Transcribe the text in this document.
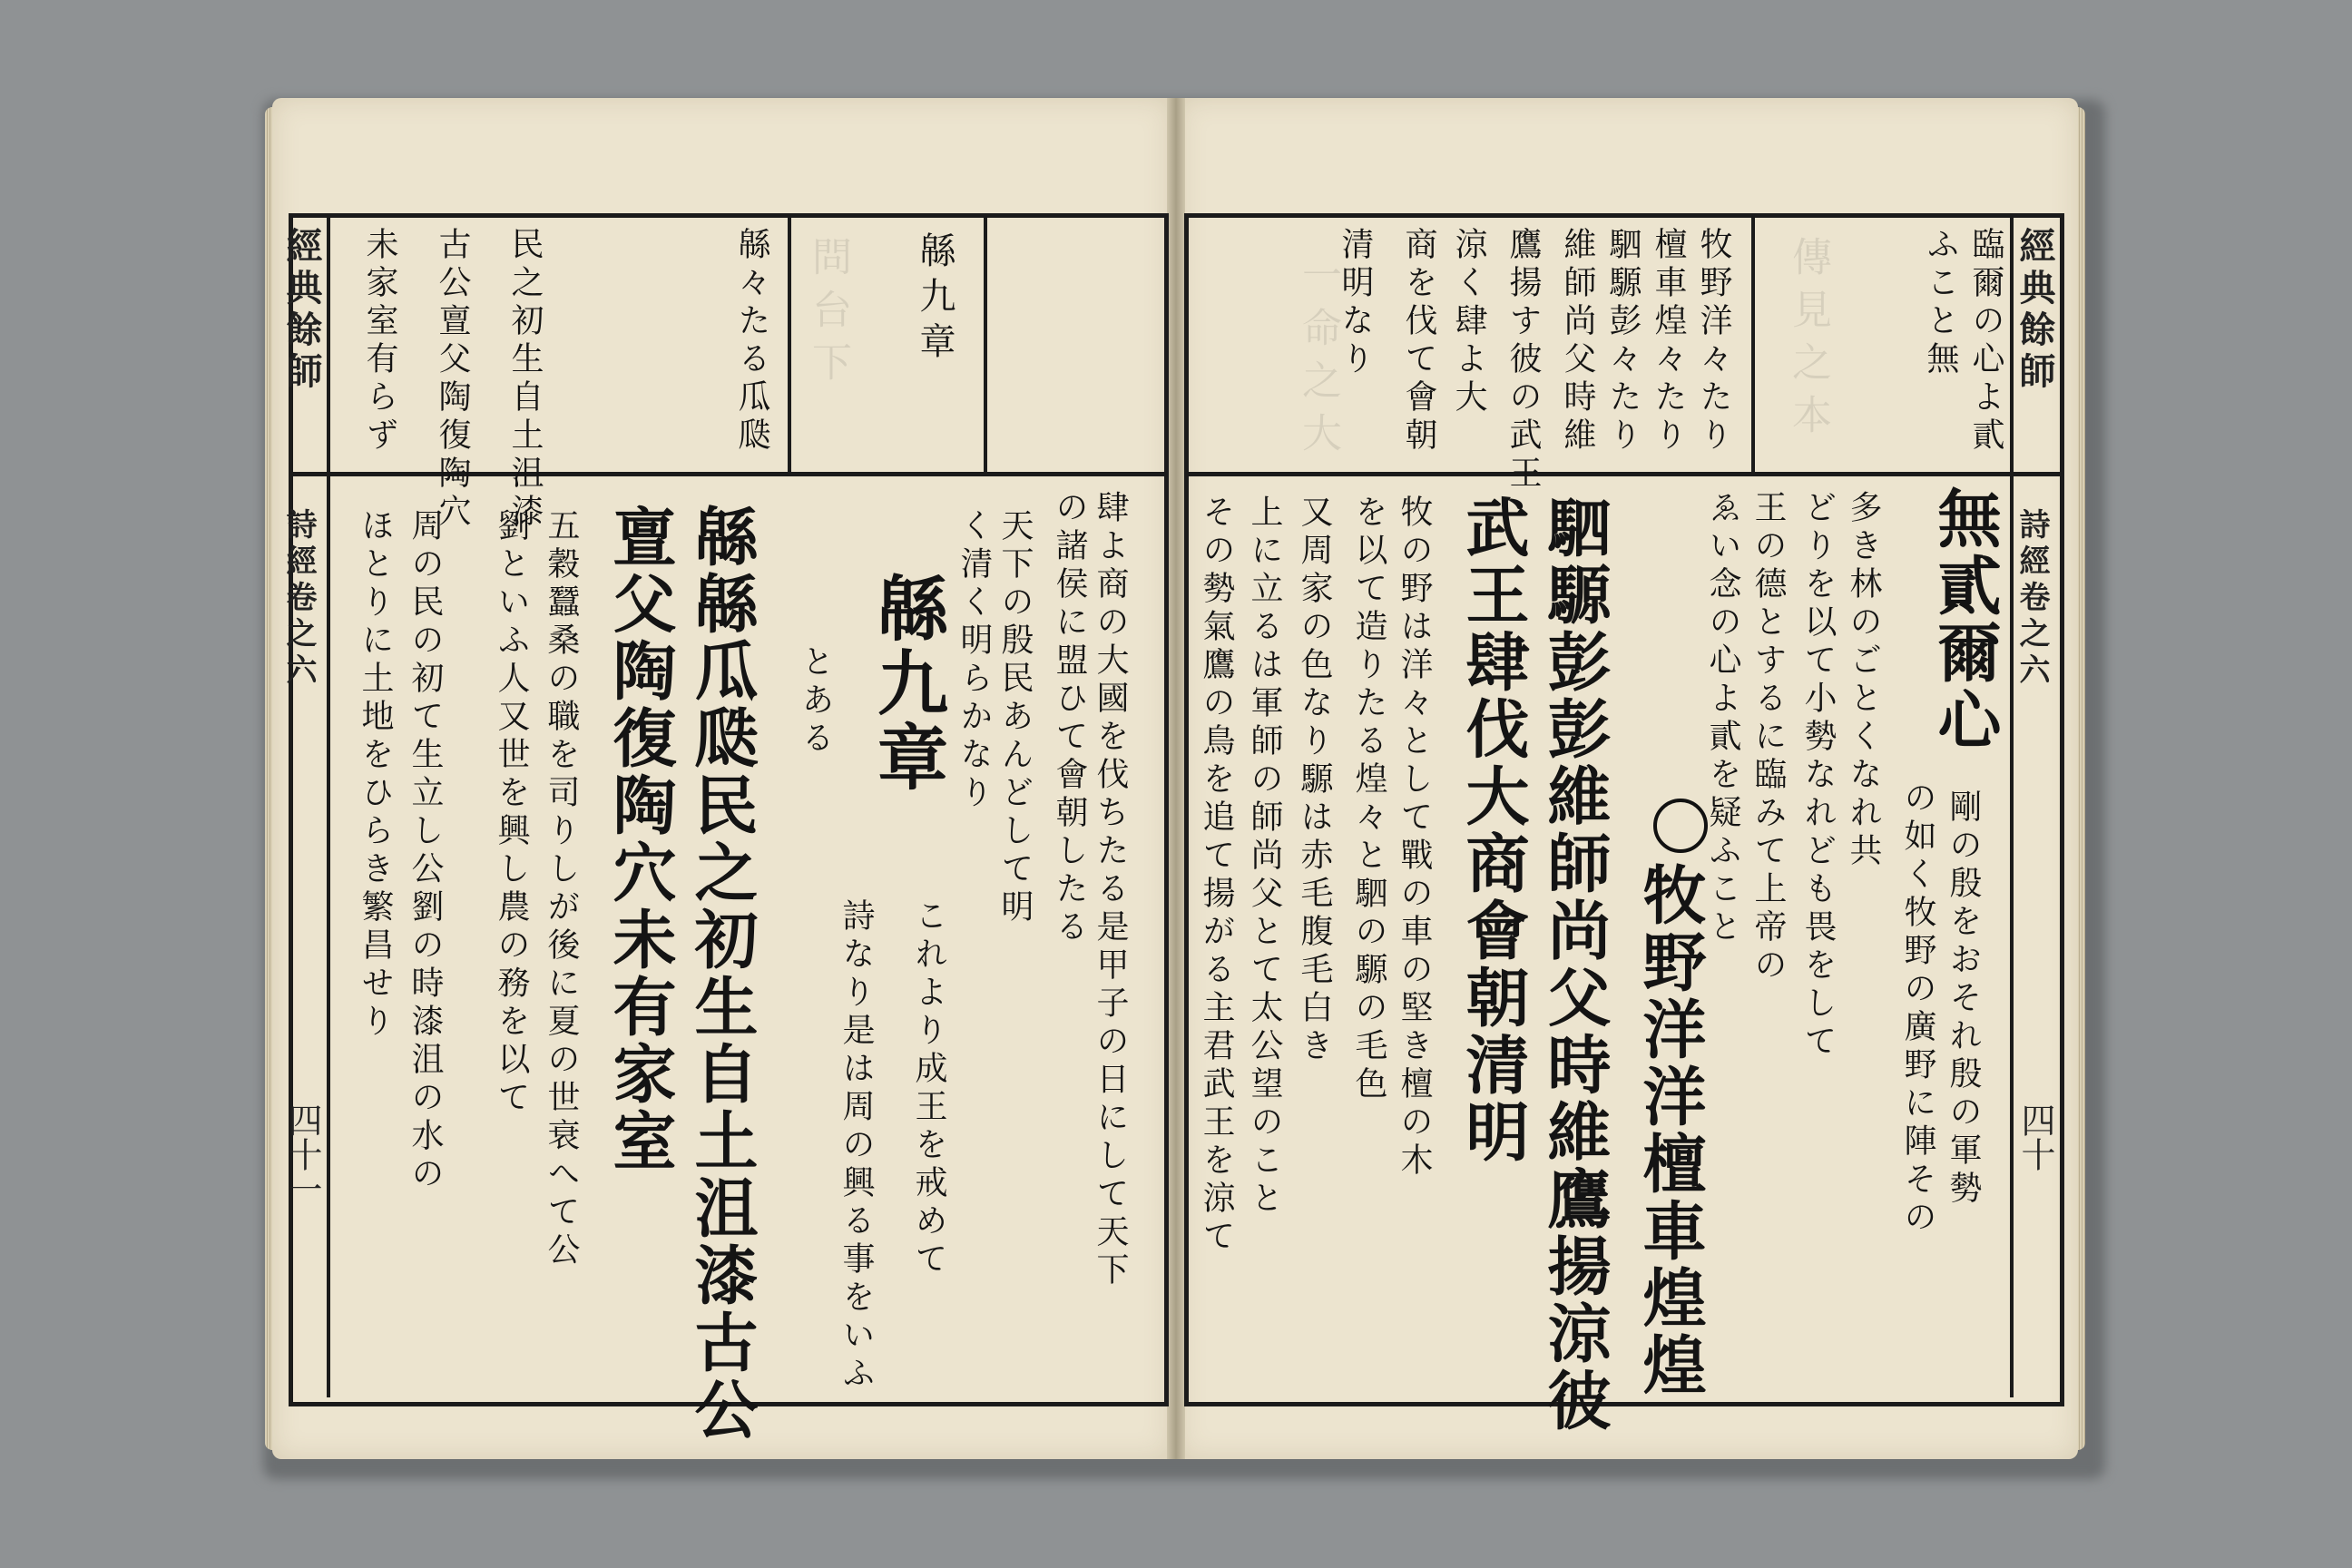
傳見之本
一命之大
問台下
經典餘師
詩經卷之六
四十一
緜九章
緜々たる瓜瓞
民之初生自土沮漆
古公亶父陶復陶穴
未家室有らず
肆よ商の大國を伐ちたる是甲子の日にして天下
の諸侯に盟ひて會朝したる
天下の殷民あんどして明
く清く明らかなり
緜九章
これより成王を戒めて
詩なり是は周の興る事をいふ
とある
緜緜瓜瓞民之初生自土沮漆古公
亶父陶復陶穴未有家室
五穀蠶桑の職を司りしが後に夏の世衰へて公
劉といふ人又世を興し農の務を以て
周の民の初て生立し公劉の時漆沮の水の
ほとりに土地をひらき繁昌せり
經典餘師
詩經卷之六
四十
臨爾の心よ貳
ふこと無
牧野洋々たり
檀車煌々たり
駟騵彭々たり
維師尚父時維
鷹揚す彼の武王
涼く肆よ大
商を伐て會朝
清明なり
無貳爾心
剛の殷をおそれ殷の軍勢
の如く牧野の廣野に陣その
多き林のごとくなれ共
どりを以て小勢なれども畏をして
王の德とするに臨みて上帝の
ゑい念の心よ貳を疑ふこと
牧野洋洋檀車煌煌
駟騵彭彭維師尚父時維鷹揚涼彼
武王肆伐大商會朝清明
牧の野は洋々として戰の車の堅き檀の木
を以て造りたる煌々と駟の騵の毛色
又周家の色なり騵は赤毛腹毛白き
上に立るは軍師の師尚父とて太公望のこと
その勢氣鷹の鳥を追て揚がる主君武王を涼て
